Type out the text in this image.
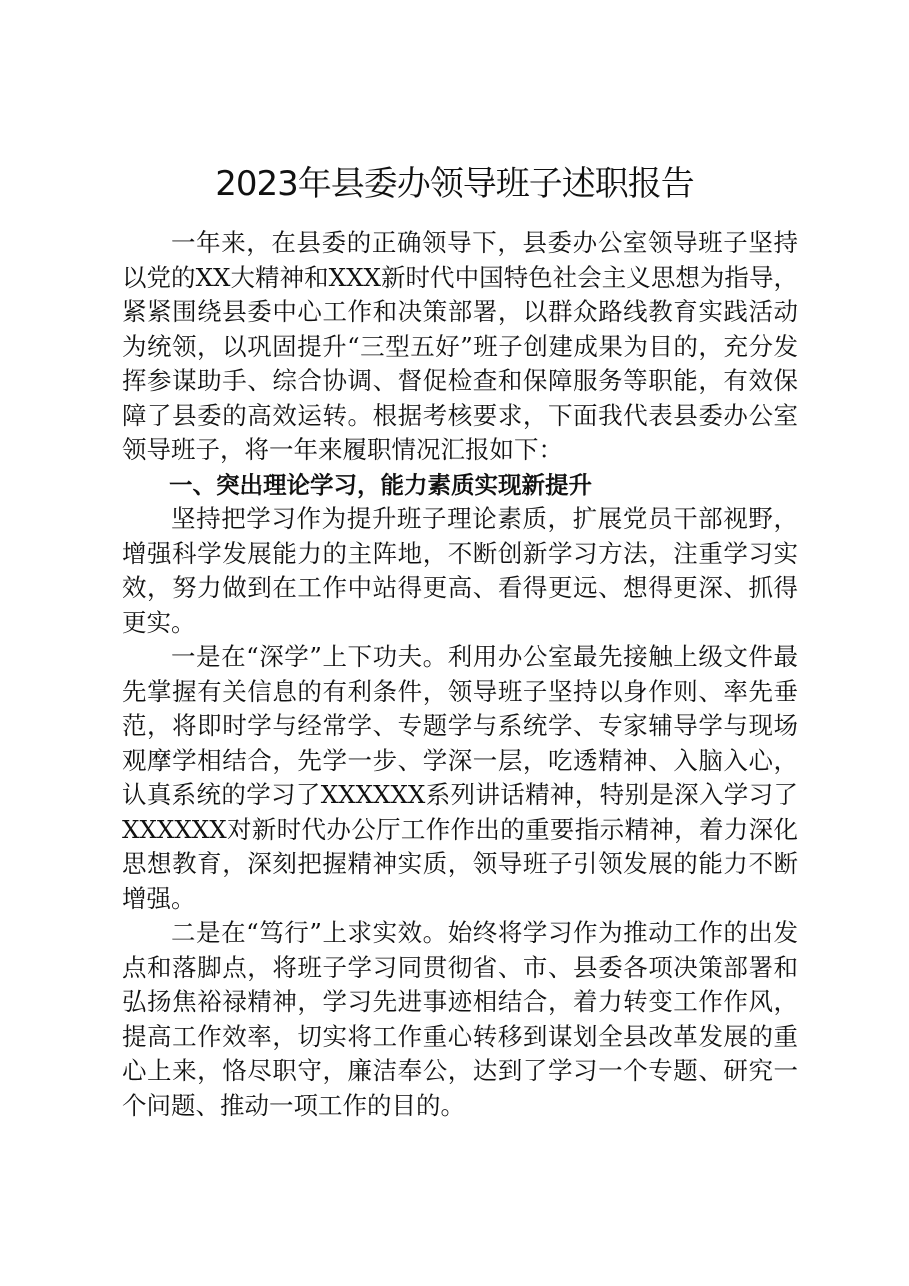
2023年县委办领导班子述职报告

一年来，在县委的正确领导下，县委办公室领导班子坚持以党的XX大精神和XXX新时代中国特色社会主义思想为指导，紧紧围绕县委中心工作和决策部署，以群众路线教育实践活动为统领，以巩固提升“三型五好”班子创建成果为目的，充分发挥参谋助手、综合协调、督促检查和保障服务等职能，有效保障了县委的高效运转。根据考核要求，下面我代表县委办公室领导班子，将一年来履职情况汇报如下：

一、突出理论学习，能力素质实现新提升

坚持把学习作为提升班子理论素质，扩展党员干部视野，增强科学发展能力的主阵地，不断创新学习方法，注重学习实效，努力做到在工作中站得更高、看得更远、想得更深、抓得更实。

一是在“深学”上下功夫。利用办公室最先接触上级文件最先掌握有关信息的有利条件，领导班子坚持以身作则、率先垂范，将即时学与经常学、专题学与系统学、专家辅导学与现场观摩学相结合，先学一步、学深一层，吃透精神、入脑入心，认真系统的学习了XXXXXX系列讲话精神，特别是深入学习了XXXXXX对新时代办公厅工作作出的重要指示精神，着力深化思想教育，深刻把握精神实质，领导班子引领发展的能力不断增强。

二是在“笃行”上求实效。始终将学习作为推动工作的出发点和落脚点，将班子学习同贯彻省、市、县委各项决策部署和弘扬焦裕禄精神，学习先进事迹相结合，着力转变工作作风，提高工作效率，切实将工作重心转移到谋划全县改革发展的重心上来，恪尽职守，廉洁奉公，达到了学习一个专题、研究一个问题、推动一项工作的目的。
